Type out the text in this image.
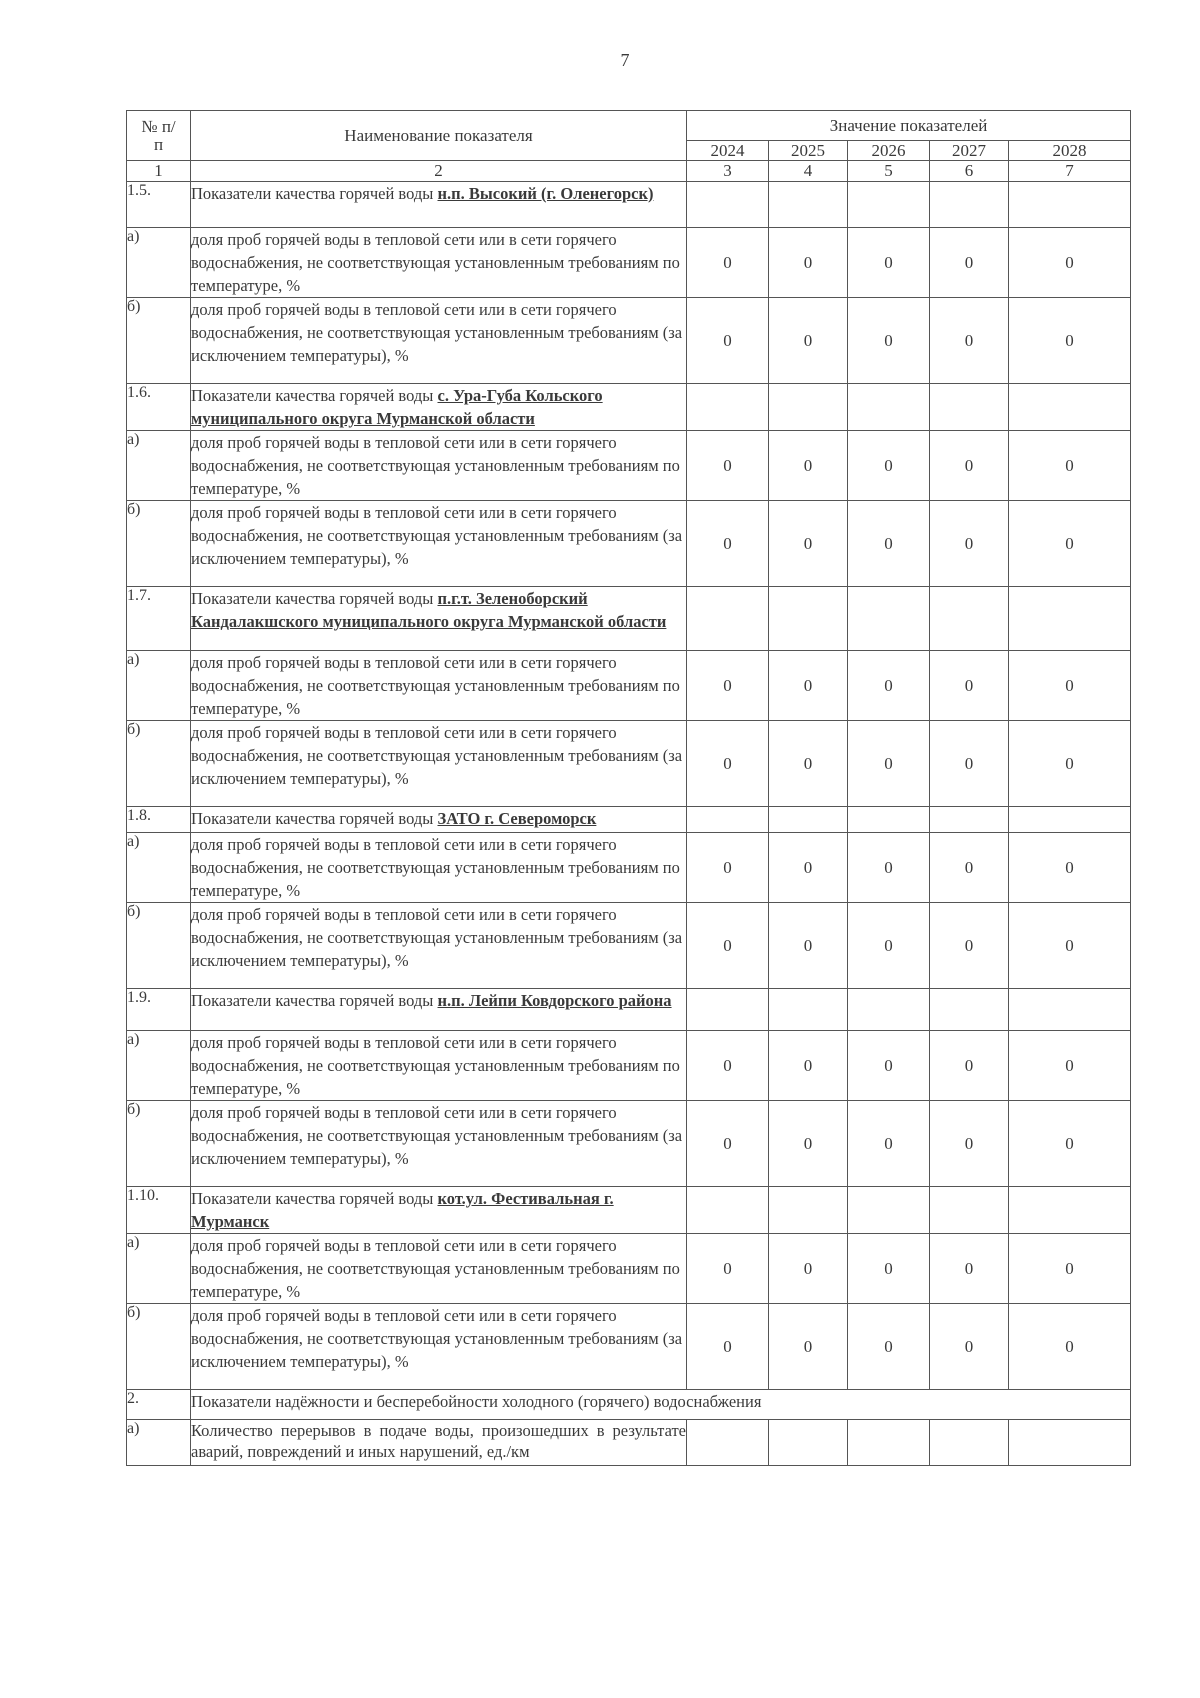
7
№ п/п	Наименование показателя	Значение показателей				
		2024	2025	2026	2027	2028
1	2	3	4	5	6	7
1.5.	Показатели качества горячей воды н.п. Высокий (г. Оленегорск)					
а)	доля проб горячей воды в тепловой сети или в сети горячего водоснабжения, не соответствующая установленным требованиям по температуре, %	0	0	0	0	0
б)	доля проб горячей воды в тепловой сети или в сети горячего водоснабжения, не соответствующая установленным требованиям (за исключением температуры), %	0	0	0	0	0
1.6.	Показатели качества горячей воды с. Ура-Губа Кольского муниципального округа Мурманской области					
а)	доля проб горячей воды в тепловой сети или в сети горячего водоснабжения, не соответствующая установленным требованиям по температуре, %	0	0	0	0	0
б)	доля проб горячей воды в тепловой сети или в сети горячего водоснабжения, не соответствующая установленным требованиям (за исключением температуры), %	0	0	0	0	0
1.7.	Показатели качества горячей воды п.г.т. Зеленоборский Кандалакшского муниципального округа Мурманской области					
а)	доля проб горячей воды в тепловой сети или в сети горячего водоснабжения, не соответствующая установленным требованиям по температуре, %	0	0	0	0	0
б)	доля проб горячей воды в тепловой сети или в сети горячего водоснабжения, не соответствующая установленным требованиям (за исключением температуры), %	0	0	0	0	0
1.8.	Показатели качества горячей воды ЗАТО г. Североморск					
а)	доля проб горячей воды в тепловой сети или в сети горячего водоснабжения, не соответствующая установленным требованиям по температуре, %	0	0	0	0	0
б)	доля проб горячей воды в тепловой сети или в сети горячего водоснабжения, не соответствующая установленным требованиям (за исключением температуры), %	0	0	0	0	0
1.9.	Показатели качества горячей воды н.п. Лейпи Ковдорского района					
а)	доля проб горячей воды в тепловой сети или в сети горячего водоснабжения, не соответствующая установленным требованиям по температуре, %	0	0	0	0	0
б)	доля проб горячей воды в тепловой сети или в сети горячего водоснабжения, не соответствующая установленным требованиям (за исключением температуры), %	0	0	0	0	0
1.10.	Показатели качества горячей воды кот.ул. Фестивальная г. Мурманск					
а)	доля проб горячей воды в тепловой сети или в сети горячего водоснабжения, не соответствующая установленным требованиям по температуре, %	0	0	0	0	0
б)	доля проб горячей воды в тепловой сети или в сети горячего водоснабжения, не соответствующая установленным требованиям (за исключением температуры), %	0	0	0	0	0
2.	Показатели надёжности и бесперебойности холодного (горячего) водоснабжения					
а)	Количество перерывов в подаче воды, произошедших в результате аварий, повреждений и иных нарушений, ед./км					
